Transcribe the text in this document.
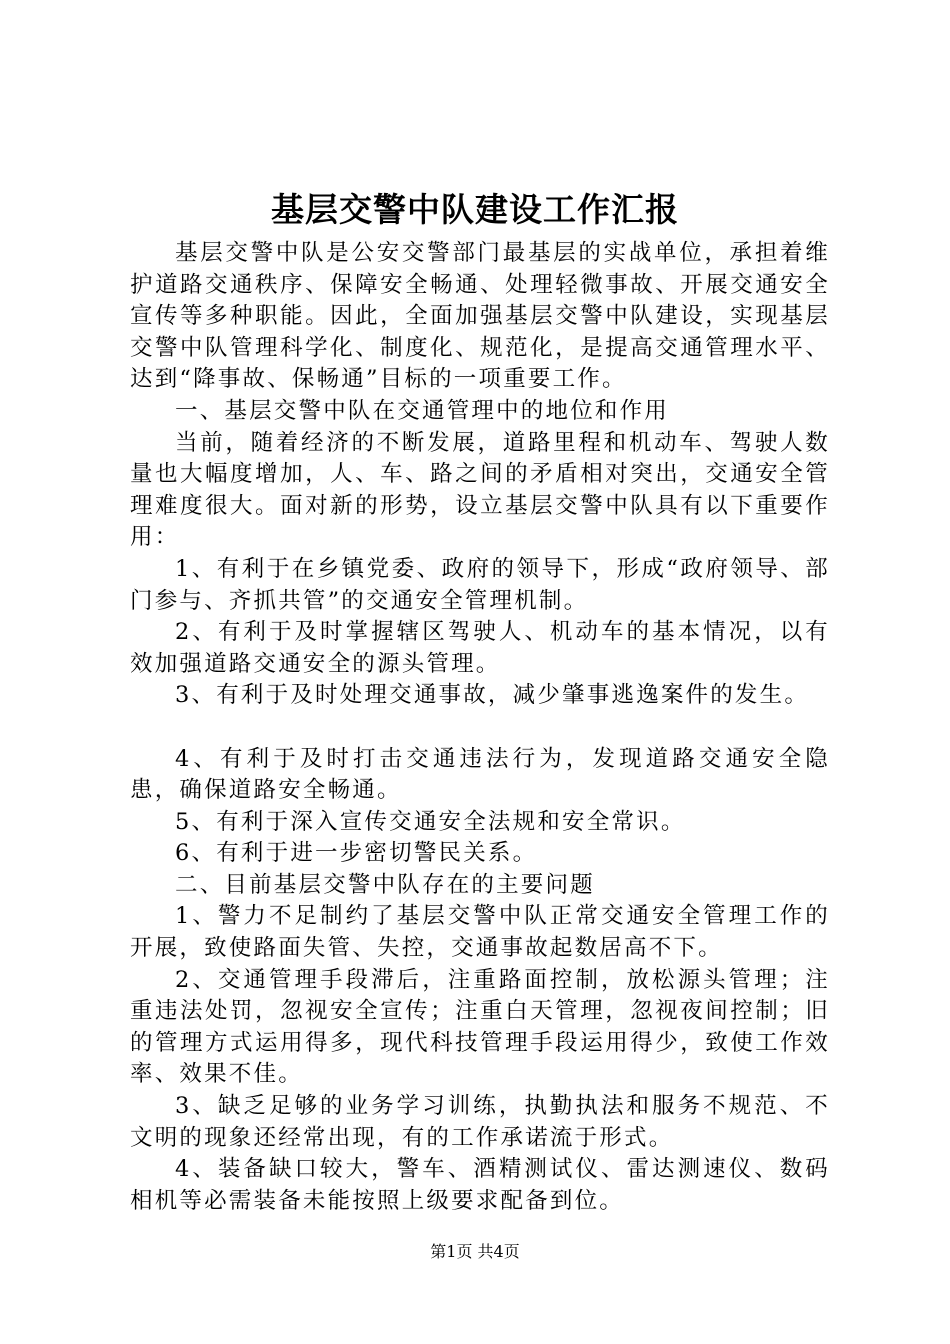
基层交警中队建设工作汇报

基层交警中队是公安交警部门最基层的实战单位，承担着维护道路交通秩序、保障安全畅通、处理轻微事故、开展交通安全宣传等多种职能。因此，全面加强基层交警中队建设，实现基层交警中队管理科学化、制度化、规范化，是提高交通管理水平、达到“降事故、保畅通”目标的一项重要工作。

一、基层交警中队在交通管理中的地位和作用

当前，随着经济的不断发展，道路里程和机动车、驾驶人数量也大幅度增加，人、车、路之间的矛盾相对突出，交通安全管理难度很大。面对新的形势，设立基层交警中队具有以下重要作用：

1、有利于在乡镇党委、政府的领导下，形成“政府领导、部门参与、齐抓共管”的交通安全管理机制。

2、有利于及时掌握辖区驾驶人、机动车的基本情况，以有效加强道路交通安全的源头管理。

3、有利于及时处理交通事故，减少肇事逃逸案件的发生。

4、有利于及时打击交通违法行为，发现道路交通安全隐患，确保道路安全畅通。

5、有利于深入宣传交通安全法规和安全常识。

6、有利于进一步密切警民关系。

二、目前基层交警中队存在的主要问题

1、警力不足制约了基层交警中队正常交通安全管理工作的开展，致使路面失管、失控，交通事故起数居高不下。

2、交通管理手段滞后，注重路面控制，放松源头管理；注重违法处罚，忽视安全宣传；注重白天管理，忽视夜间控制；旧的管理方式运用得多，现代科技管理手段运用得少，致使工作效率、效果不佳。

3、缺乏足够的业务学习训练，执勤执法和服务不规范、不文明的现象还经常出现，有的工作承诺流于形式。

4、装备缺口较大，警车、酒精测试仪、雷达测速仪、数码相机等必需装备未能按照上级要求配备到位。

第1页 共4页
